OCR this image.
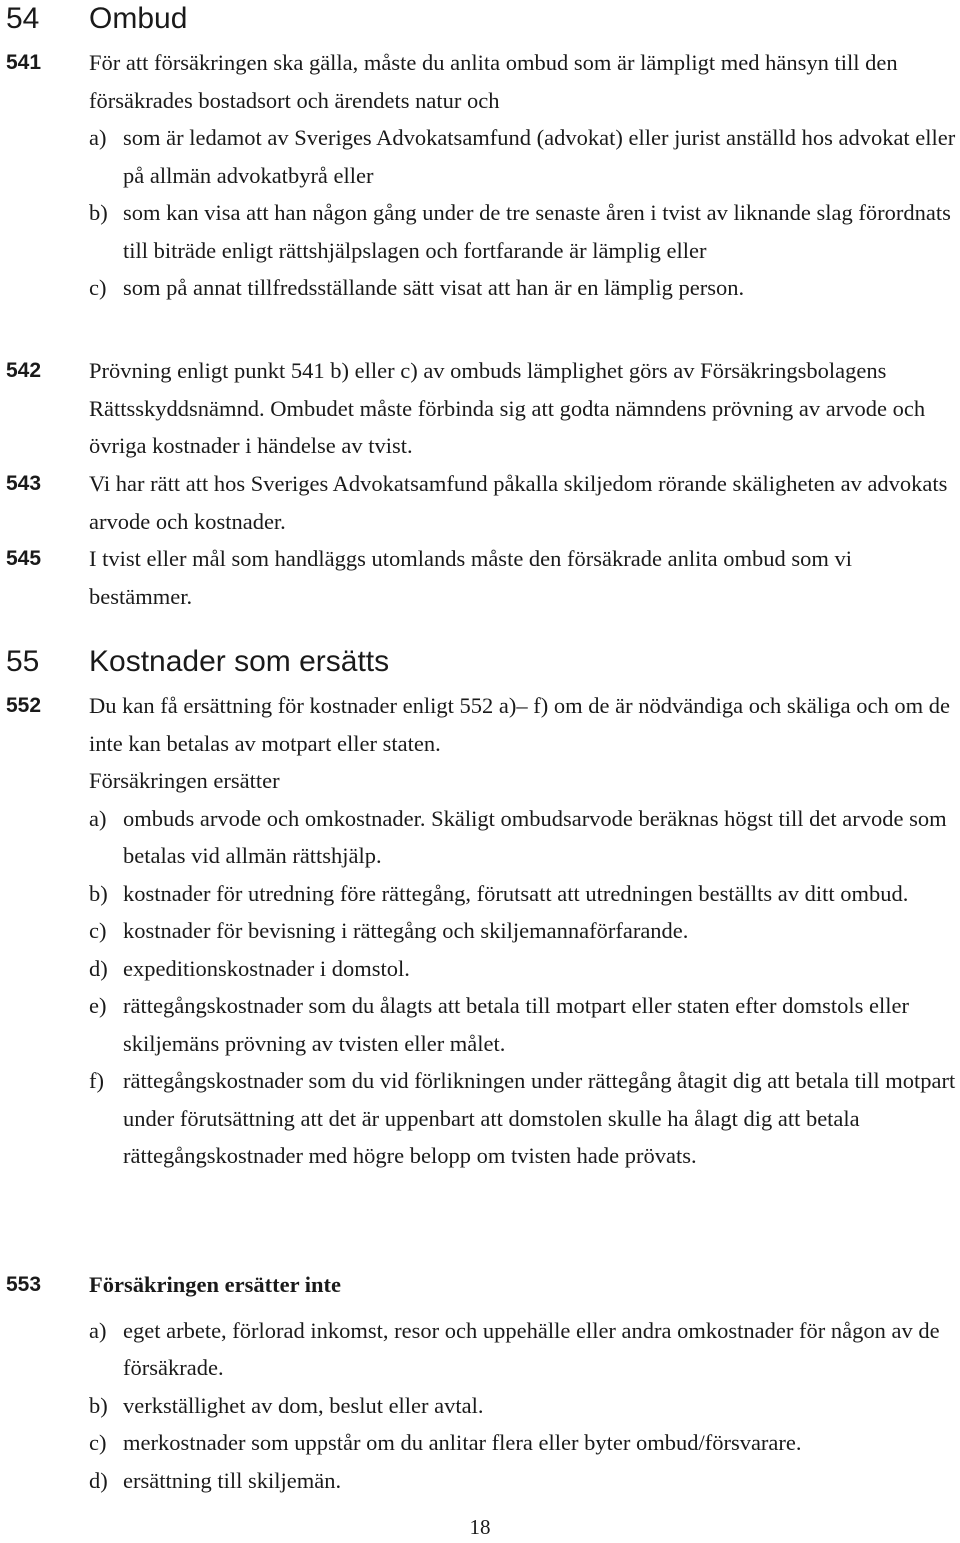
54 Ombud
541	För att försäkringen ska gälla, måste du anlita ombud som är lämpligt med hänsyn till den försäkrades bostadsort och ärendets natur och
a) som är ledamot av Sveriges Advokatsamfund (advokat) eller jurist anställd hos advokat eller på allmän advokatbyrå eller
b) som kan visa att han någon gång under de tre senaste åren i tvist av liknande slag förordnats till biträde enligt rättshjälpslagen och fortfarande är lämplig eller
c) som på annat tillfredsställande sätt visat att han är en lämplig person.
542	Prövning enligt punkt 541 b) eller c) av ombuds lämplighet görs av Försäkringsbolagens Rättsskyddsnämnd. Ombudet måste förbinda sig att godta nämndens prövning av arvode och övriga kostnader i händelse av tvist.
543	Vi har rätt att hos Sveriges Advokatsamfund påkalla skiljedom rörande skäligheten av advokats arvode och kostnader.
545	I tvist eller mål som handläggs utomlands måste den försäkrade anlita ombud som vi bestämmer.
55 Kostnader som ersätts
552	Du kan få ersättning för kostnader enligt 552 a)– f) om de är nödvändiga och skäliga och om de inte kan betalas av motpart eller staten.
Försäkringen ersätter
a) ombuds arvode och omkostnader. Skäligt ombudsarvode beräknas högst till det arvode som betalas vid allmän rättshjälp.
b) kostnader för utredning före rättegång, förutsatt att utredningen beställts av ditt ombud.
c) kostnader för bevisning i rättegång och skiljemannaförfarande.
d) expeditionskostnader i domstol.
e) rättegångskostnader som du ålagts att betala till motpart eller staten efter domstols eller skiljemäns prövning av tvisten eller målet.
f) rättegångskostnader som du vid förlikningen under rättegång åtagit dig att betala till motpart under förutsättning att det är uppenbart att domstolen skulle ha ålagt dig att betala rättegångskostnader med högre belopp om tvisten hade prövats.
553	Försäkringen ersätter inte
a) eget arbete, förlorad inkomst, resor och uppehälle eller andra omkostnader för någon av de försäkrade.
b) verkställighet av dom, beslut eller avtal.
c) merkostnader som uppstår om du anlitar flera eller byter ombud/försvarare.
d) ersättning till skiljemän.
18
